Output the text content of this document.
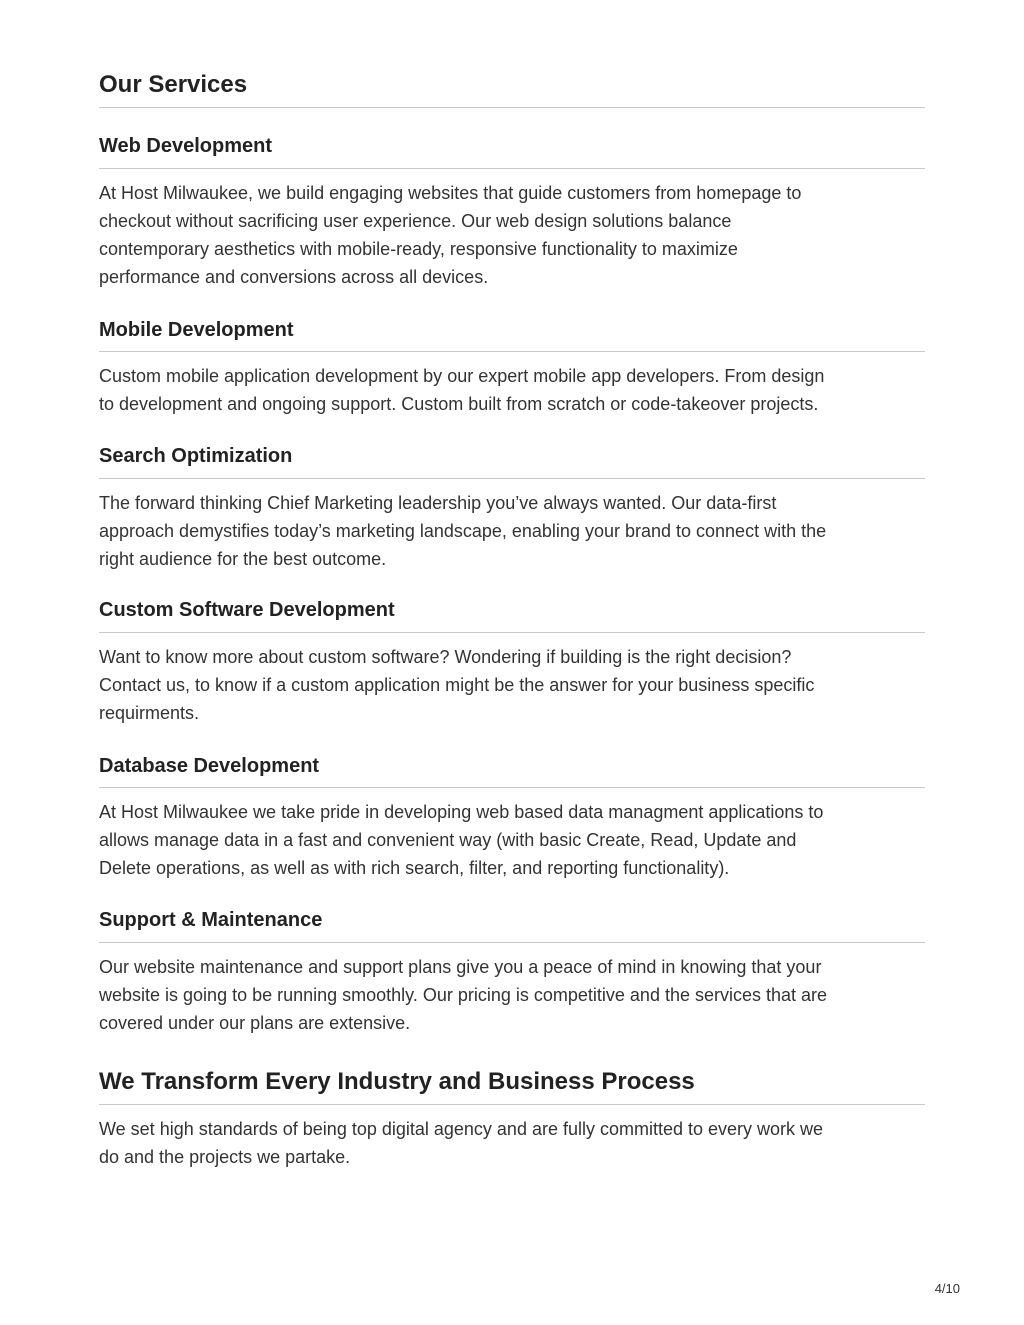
Our Services
Web Development
At Host Milwaukee, we build engaging websites that guide customers from homepage to
checkout without sacrificing user experience. Our web design solutions balance
contemporary aesthetics with mobile-ready, responsive functionality to maximize
performance and conversions across all devices.
Mobile Development
Custom mobile application development by our expert mobile app developers. From design
to development and ongoing support. Custom built from scratch or code-takeover projects.
Search Optimization
The forward thinking Chief Marketing leadership you’ve always wanted. Our data-first
approach demystifies today’s marketing landscape, enabling your brand to connect with the
right audience for the best outcome.
Custom Software Development
Want to know more about custom software? Wondering if building is the right decision?
Contact us, to know if a custom application might be the answer for your business specific
requirments.
Database Development
At Host Milwaukee we take pride in developing web based data managment applications to
allows manage data in a fast and convenient way (with basic Create, Read, Update and
Delete operations, as well as with rich search, filter, and reporting functionality).
Support & Maintenance
Our website maintenance and support plans give you a peace of mind in knowing that your
website is going to be running smoothly. Our pricing is competitive and the services that are
covered under our plans are extensive.
We Transform Every Industry and Business Process
We set high standards of being top digital agency and are fully committed to every work we
do and the projects we partake.
4/10
